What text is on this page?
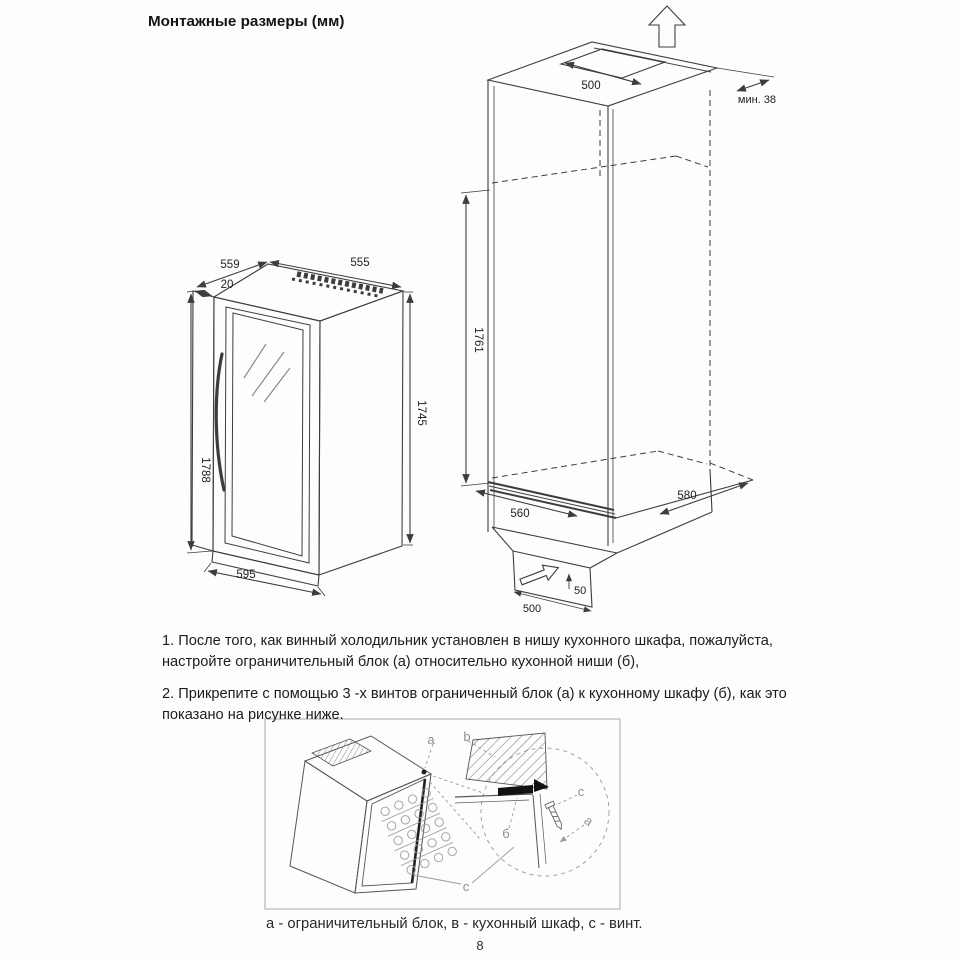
559
20
555
1745
1788
595
500
мин. 38
1761
560
580
50
500
а b
с
а
б
с
Монтажные размеры (мм)
1. После того, как винный холодильник установлен в нишу кухонного шкафа, пожалуйста, настройте ограничительный блок (а) относительно кухонной ниши (б),
2. Прикрепите с помощью 3 -х винтов ограниченный блок (а) к кухонному шкафу (б), как это показано на рисунке ниже.
а - ограничительный блок, в - кухонный шкаф, с - винт.
8
